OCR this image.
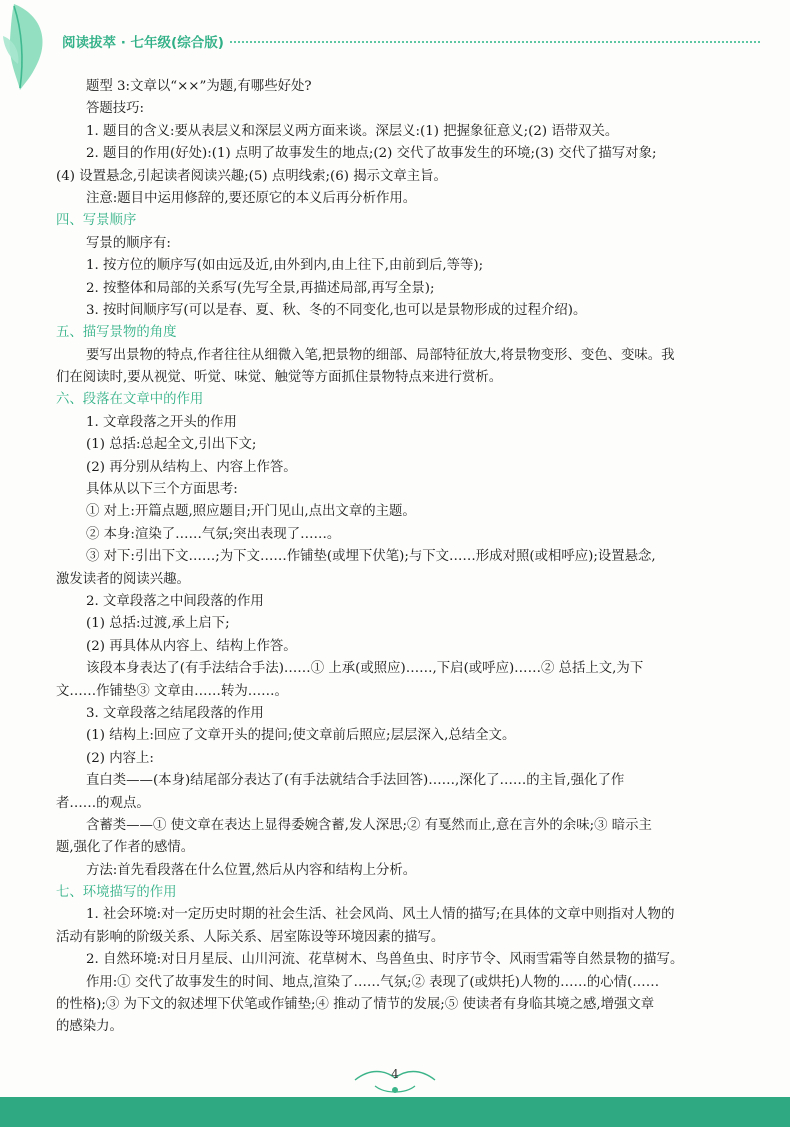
阅读拔萃 · 七年级(综合版)
题型 3:文章以“××”为题,有哪些好处?
答题技巧:
1. 题目的含义:要从表层义和深层义两方面来谈。深层义:(1) 把握象征意义;(2) 语带双关。
2. 题目的作用(好处):(1) 点明了故事发生的地点;(2) 交代了故事发生的环境;(3) 交代了描写对象;
(4) 设置悬念,引起读者阅读兴趣;(5) 点明线索;(6) 揭示文章主旨。
注意:题目中运用修辞的,要还原它的本义后再分析作用。
四、写景顺序
写景的顺序有:
1. 按方位的顺序写(如由远及近,由外到内,由上往下,由前到后,等等);
2. 按整体和局部的关系写(先写全景,再描述局部,再写全景);
3. 按时间顺序写(可以是春、夏、秋、冬的不同变化,也可以是景物形成的过程介绍)。
五、描写景物的角度
要写出景物的特点,作者往往从细微入笔,把景物的细部、局部特征放大,将景物变形、变色、变味。我
们在阅读时,要从视觉、听觉、味觉、触觉等方面抓住景物特点来进行赏析。
六、段落在文章中的作用
1. 文章段落之开头的作用
(1) 总括:总起全文,引出下文;
(2) 再分别从结构上、内容上作答。
具体从以下三个方面思考:
① 对上:开篇点题,照应题目;开门见山,点出文章的主题。
② 本身:渲染了……气氛;突出表现了……。
③ 对下:引出下文……;为下文……作铺垫(或埋下伏笔);与下文……形成对照(或相呼应);设置悬念,
激发读者的阅读兴趣。
2. 文章段落之中间段落的作用
(1) 总括:过渡,承上启下;
(2) 再具体从内容上、结构上作答。
该段本身表达了(有手法结合手法)……① 上承(或照应)……,下启(或呼应)……② 总括上文,为下
文……作铺垫③ 文章由……转为……。
3. 文章段落之结尾段落的作用
(1) 结构上:回应了文章开头的提问;使文章前后照应;层层深入,总结全文。
(2) 内容上:
直白类——(本身)结尾部分表达了(有手法就结合手法回答)……,深化了……的主旨,强化了作
者……的观点。
含蓄类——① 使文章在表达上显得委婉含蓄,发人深思;② 有戛然而止,意在言外的余味;③ 暗示主
题,强化了作者的感情。
方法:首先看段落在什么位置,然后从内容和结构上分析。
七、环境描写的作用
1. 社会环境:对一定历史时期的社会生活、社会风尚、风土人情的描写;在具体的文章中则指对人物的
活动有影响的阶级关系、人际关系、居室陈设等环境因素的描写。
2. 自然环境:对日月星辰、山川河流、花草树木、鸟兽鱼虫、时序节令、风雨雪霜等自然景物的描写。
作用:① 交代了故事发生的时间、地点,渲染了……气氛;② 表现了(或烘托)人物的……的心情(……
的性格);③ 为下文的叙述埋下伏笔或作铺垫;④ 推动了情节的发展;⑤ 使读者有身临其境之感,增强文章
的感染力。
4
